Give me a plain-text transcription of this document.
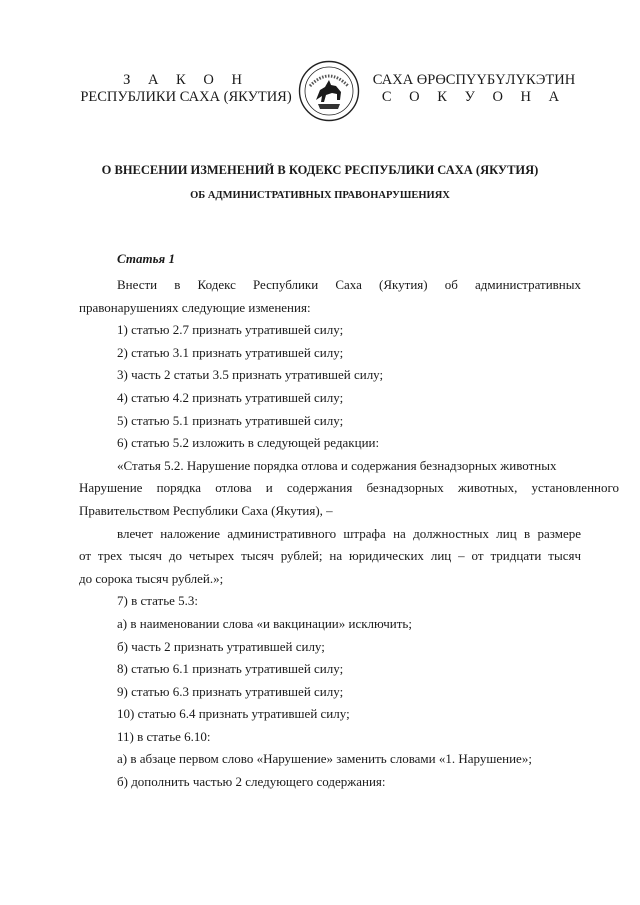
З А К О Н
РЕСПУБЛИКИ САХА (ЯКУТИЯ)
САХА ӨРӨСПҮҮБҮЛҮКЭТИН
С О К У О Н А
О ВНЕСЕНИИ ИЗМЕНЕНИЙ В КОДЕКС РЕСПУБЛИКИ САХА (ЯКУТИЯ)
ОБ АДМИНИСТРАТИВНЫХ ПРАВОНАРУШЕНИЯХ
Статья 1

Внести в Кодекс Республики Саха (Якутия) об административных

правонарушениях следующие изменения:

1) статью 2.7 признать утратившей силу;

2) статью 3.1 признать утратившей силу;

3) часть 2 статьи 3.5 признать утратившей силу;

4) статью 4.2 признать утратившей силу;

5) статью 5.1 признать утратившей силу;

6) статью 5.2 изложить в следующей редакции:

«Статья 5.2. Нарушение порядка отлова и содержания безнадзорных животных

Нарушение порядка отлова и содержания безнадзорных животных, установленного

Правительством Республики Саха (Якутия), –

влечет наложение административного штрафа на должностных лиц в размере

от трех тысяч до четырех тысяч рублей; на юридических лиц – от тридцати тысяч

до сорока тысяч рублей.»;

7) в статье 5.3:

а) в наименовании слова «и вакцинации» исключить;

б) часть 2 признать утратившей силу;

8) статью 6.1 признать утратившей силу;

9) статью 6.3 признать утратившей силу;

10) статью 6.4 признать утратившей силу;

11) в статье 6.10:

а) в абзаце первом слово «Нарушение» заменить словами «1. Нарушение»;

б) дополнить частью 2 следующего содержания:
